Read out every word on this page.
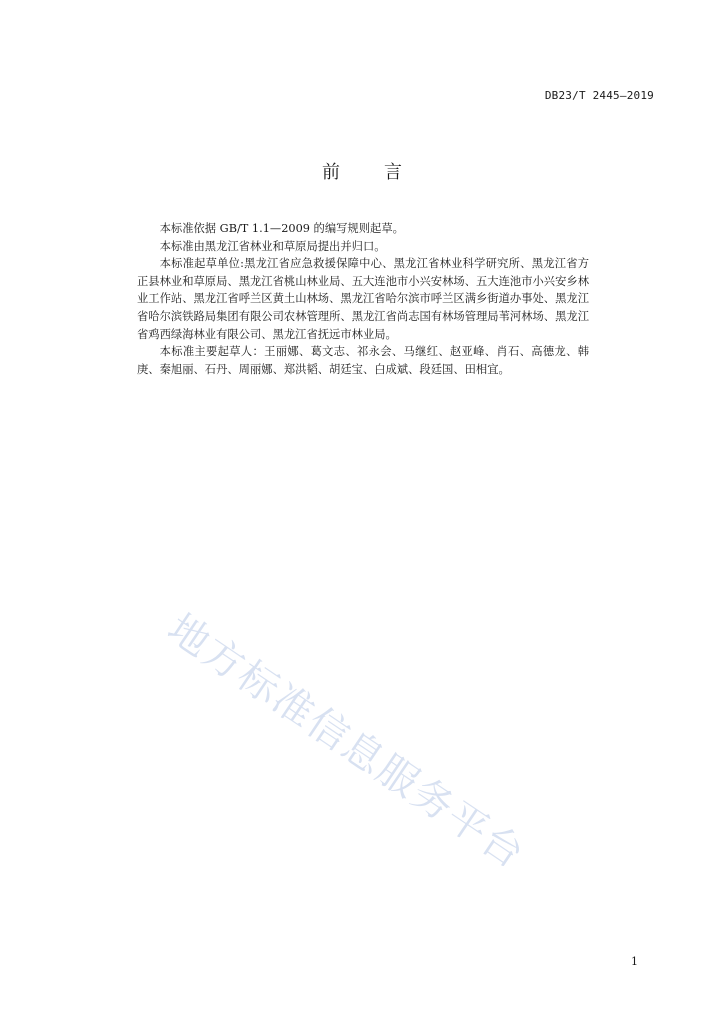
DB23/T 2445—2019
前言

本标准依据 GB/T 1.1—2009 的编写规则起草。

本标准由黑龙江省林业和草原局提出并归口。

本标准起草单位:黑龙江省应急救援保障中心、黑龙江省林业科学研究所、黑龙江省方正县林业和草原局、黑龙江省桃山林业局、五大连池市小兴安林场、五大连池市小兴安乡林业工作站、黑龙江省呼兰区黄土山林场、黑龙江省哈尔滨市呼兰区满乡街道办事处、黑龙江省哈尔滨铁路局集团有限公司农林管理所、黑龙江省尚志国有林场管理局苇河林场、黑龙江省鸡西绿海林业有限公司、黑龙江省抚远市林业局。

本标准主要起草人：王丽娜、葛文志、祁永会、马继红、赵亚峰、肖石、高德龙、韩庚、秦旭丽、石丹、周丽娜、郑洪韬、胡廷宝、白成斌、段廷国、田相宜。

地方标准信息服务平台
1
